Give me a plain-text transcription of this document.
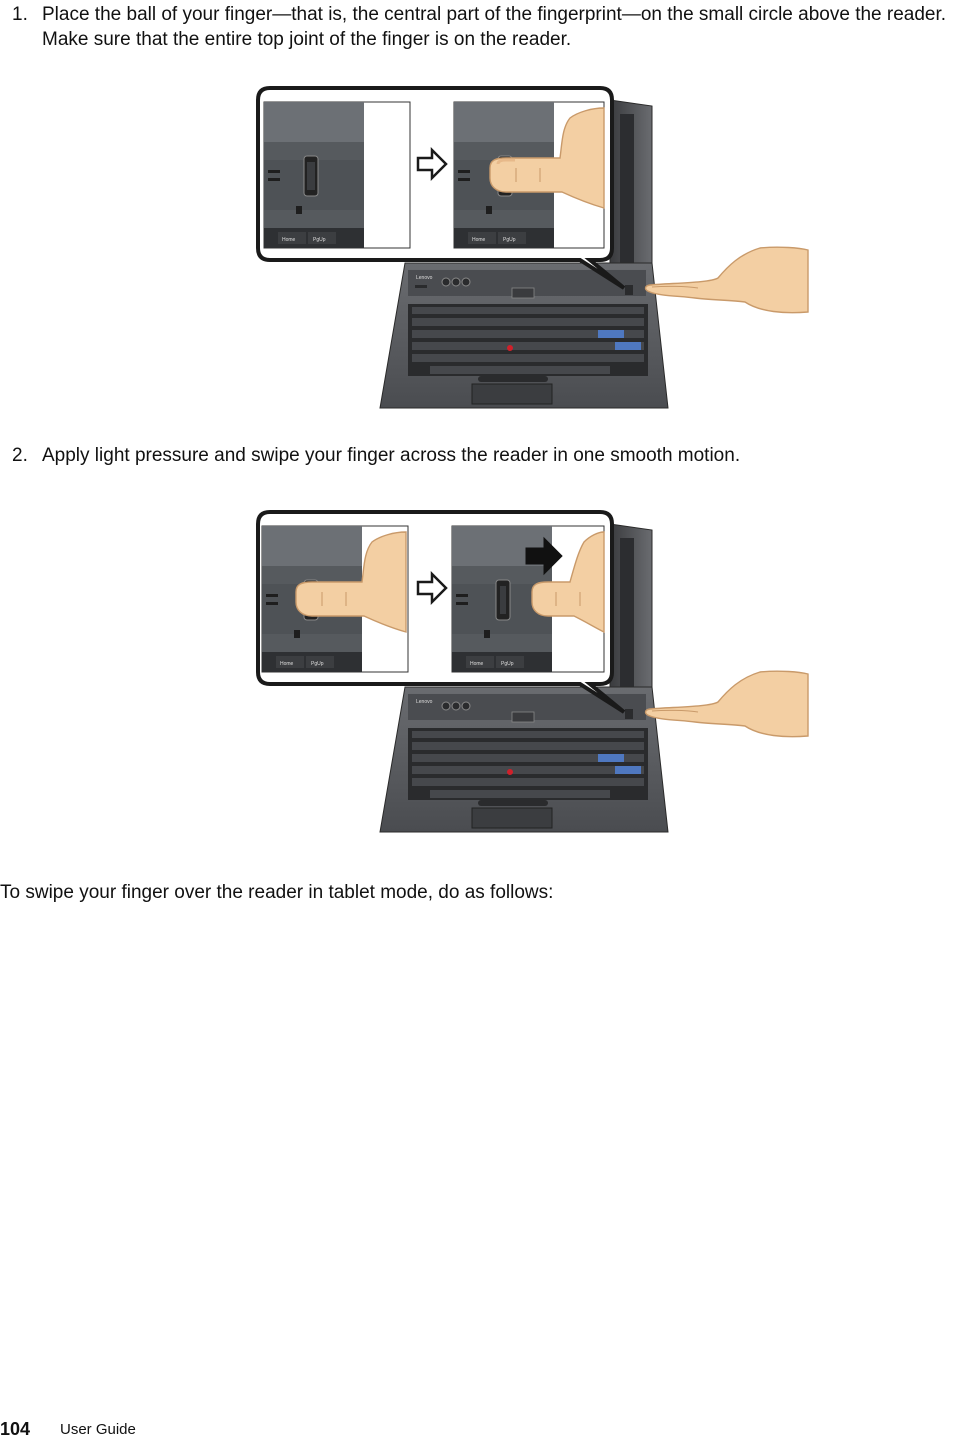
1. Place the ball of your finger—that is, the central part of the fingerprint—on the small circle above the reader. Make sure that the entire top joint of the finger is on the reader.
Lenovo
Home	PgUp	Home	PgUp
2. Apply light pressure and swipe your finger across the reader in one smooth motion.
Lenovo
Home	PgUp	Home	PgUp
To swipe your finger over the reader in tablet mode, do as follows:
104 User Guide
